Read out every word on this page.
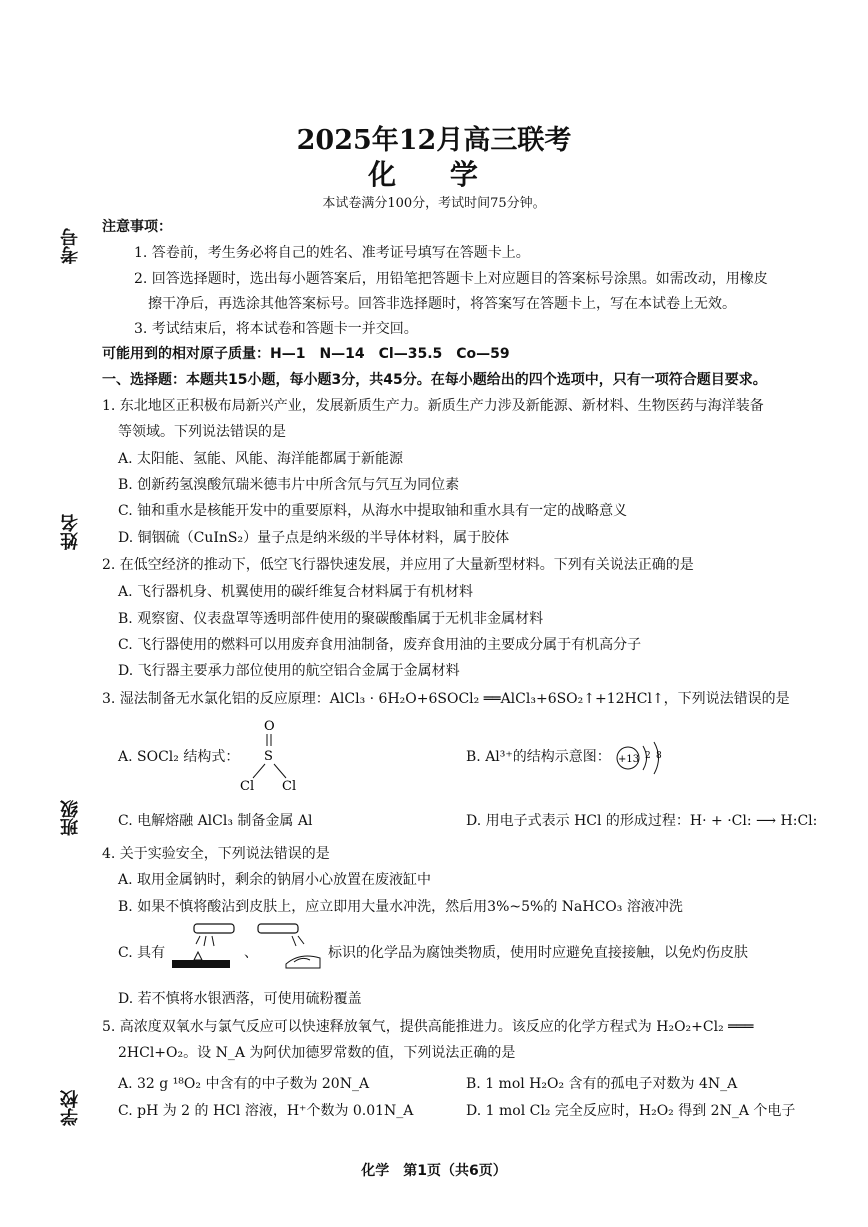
2025年12月高三联考
化 学
本试卷满分100分，考试时间75分钟。
考号
姓名
班级
学校
注意事项：
1. 答卷前，考生务必将自己的姓名、准考证号填写在答题卡上。
2. 回答选择题时，选出每小题答案后，用铅笔把答题卡上对应题目的答案标号涂黑。如需改动，用橡皮
擦干净后，再选涂其他答案标号。回答非选择题时，将答案写在答题卡上，写在本试卷上无效。
3. 考试结束后，将本试卷和答题卡一并交回。
可能用到的相对原子质量：H—1　N—14　Cl—35.5　Co—59
一、选择题：本题共15小题，每小题3分，共45分。在每小题给出的四个选项中，只有一项符合题目要求。
1. 东北地区正积极布局新兴产业，发展新质生产力。新质生产力涉及新能源、新材料、生物医药与海洋装备
等领域。下列说法错误的是
A. 太阳能、氢能、风能、海洋能都属于新能源
B. 创新药氢溴酸氘瑞米德韦片中所含氘与氕互为同位素
C. 铀和重水是核能开发中的重要原料，从海水中提取铀和重水具有一定的战略意义
D. 铜铟硫（CuInS₂）量子点是纳米级的半导体材料，属于胶体
2. 在低空经济的推动下，低空飞行器快速发展，并应用了大量新型材料。下列有关说法正确的是
A. 飞行器机身、机翼使用的碳纤维复合材料属于有机材料
B. 观察窗、仪表盘罩等透明部件使用的聚碳酸酯属于无机非金属材料
C. 飞行器使用的燃料可以用废弃食用油制备，废弃食用油的主要成分属于有机高分子
D. 飞行器主要承力部位使用的航空铝合金属于金属材料
3. 湿法制备无水氯化铝的反应原理：AlCl₃ · 6H₂O+6SOCl₂ ══AlCl₃+6SO₂↑+12HCl↑，下列说法错误的是
A. SOCl₂ 结构式：
O
S
Cl Cl
B. Al³⁺的结构示意图： +13 2 8
C. 电解熔融 AlCl₃ 制备金属 Al	D. 用电子式表示 HCl 的形成过程：H· + ·Cl: ⟶ H:Cl:
4. 关于实验安全，下列说法错误的是
A. 取用金属钠时，剩余的钠屑小心放置在废液缸中
B. 如果不慎将酸沾到皮肤上，应立即用大量水冲洗，然后用3%~5%的 NaHCO₃ 溶液冲洗
C. 具有	、	标识的化学品为腐蚀类物质，使用时应避免直接接触，以免灼伤皮肤
D. 若不慎将水银洒落，可使用硫粉覆盖
5. 高浓度双氧水与氯气反应可以快速释放氧气，提供高能推进力。该反应的化学方程式为 H₂O₂+Cl₂ ═══
2HCl+O₂。设 N_A 为阿伏加德罗常数的值，下列说法正确的是
A. 32 g ¹⁸O₂ 中含有的中子数为 20N_A	B. 1 mol H₂O₂ 含有的孤电子对数为 4N_A
C. pH 为 2 的 HCl 溶液，H⁺个数为 0.01N_A	D. 1 mol Cl₂ 完全反应时，H₂O₂ 得到 2N_A 个电子
化学　第1页（共6页）
